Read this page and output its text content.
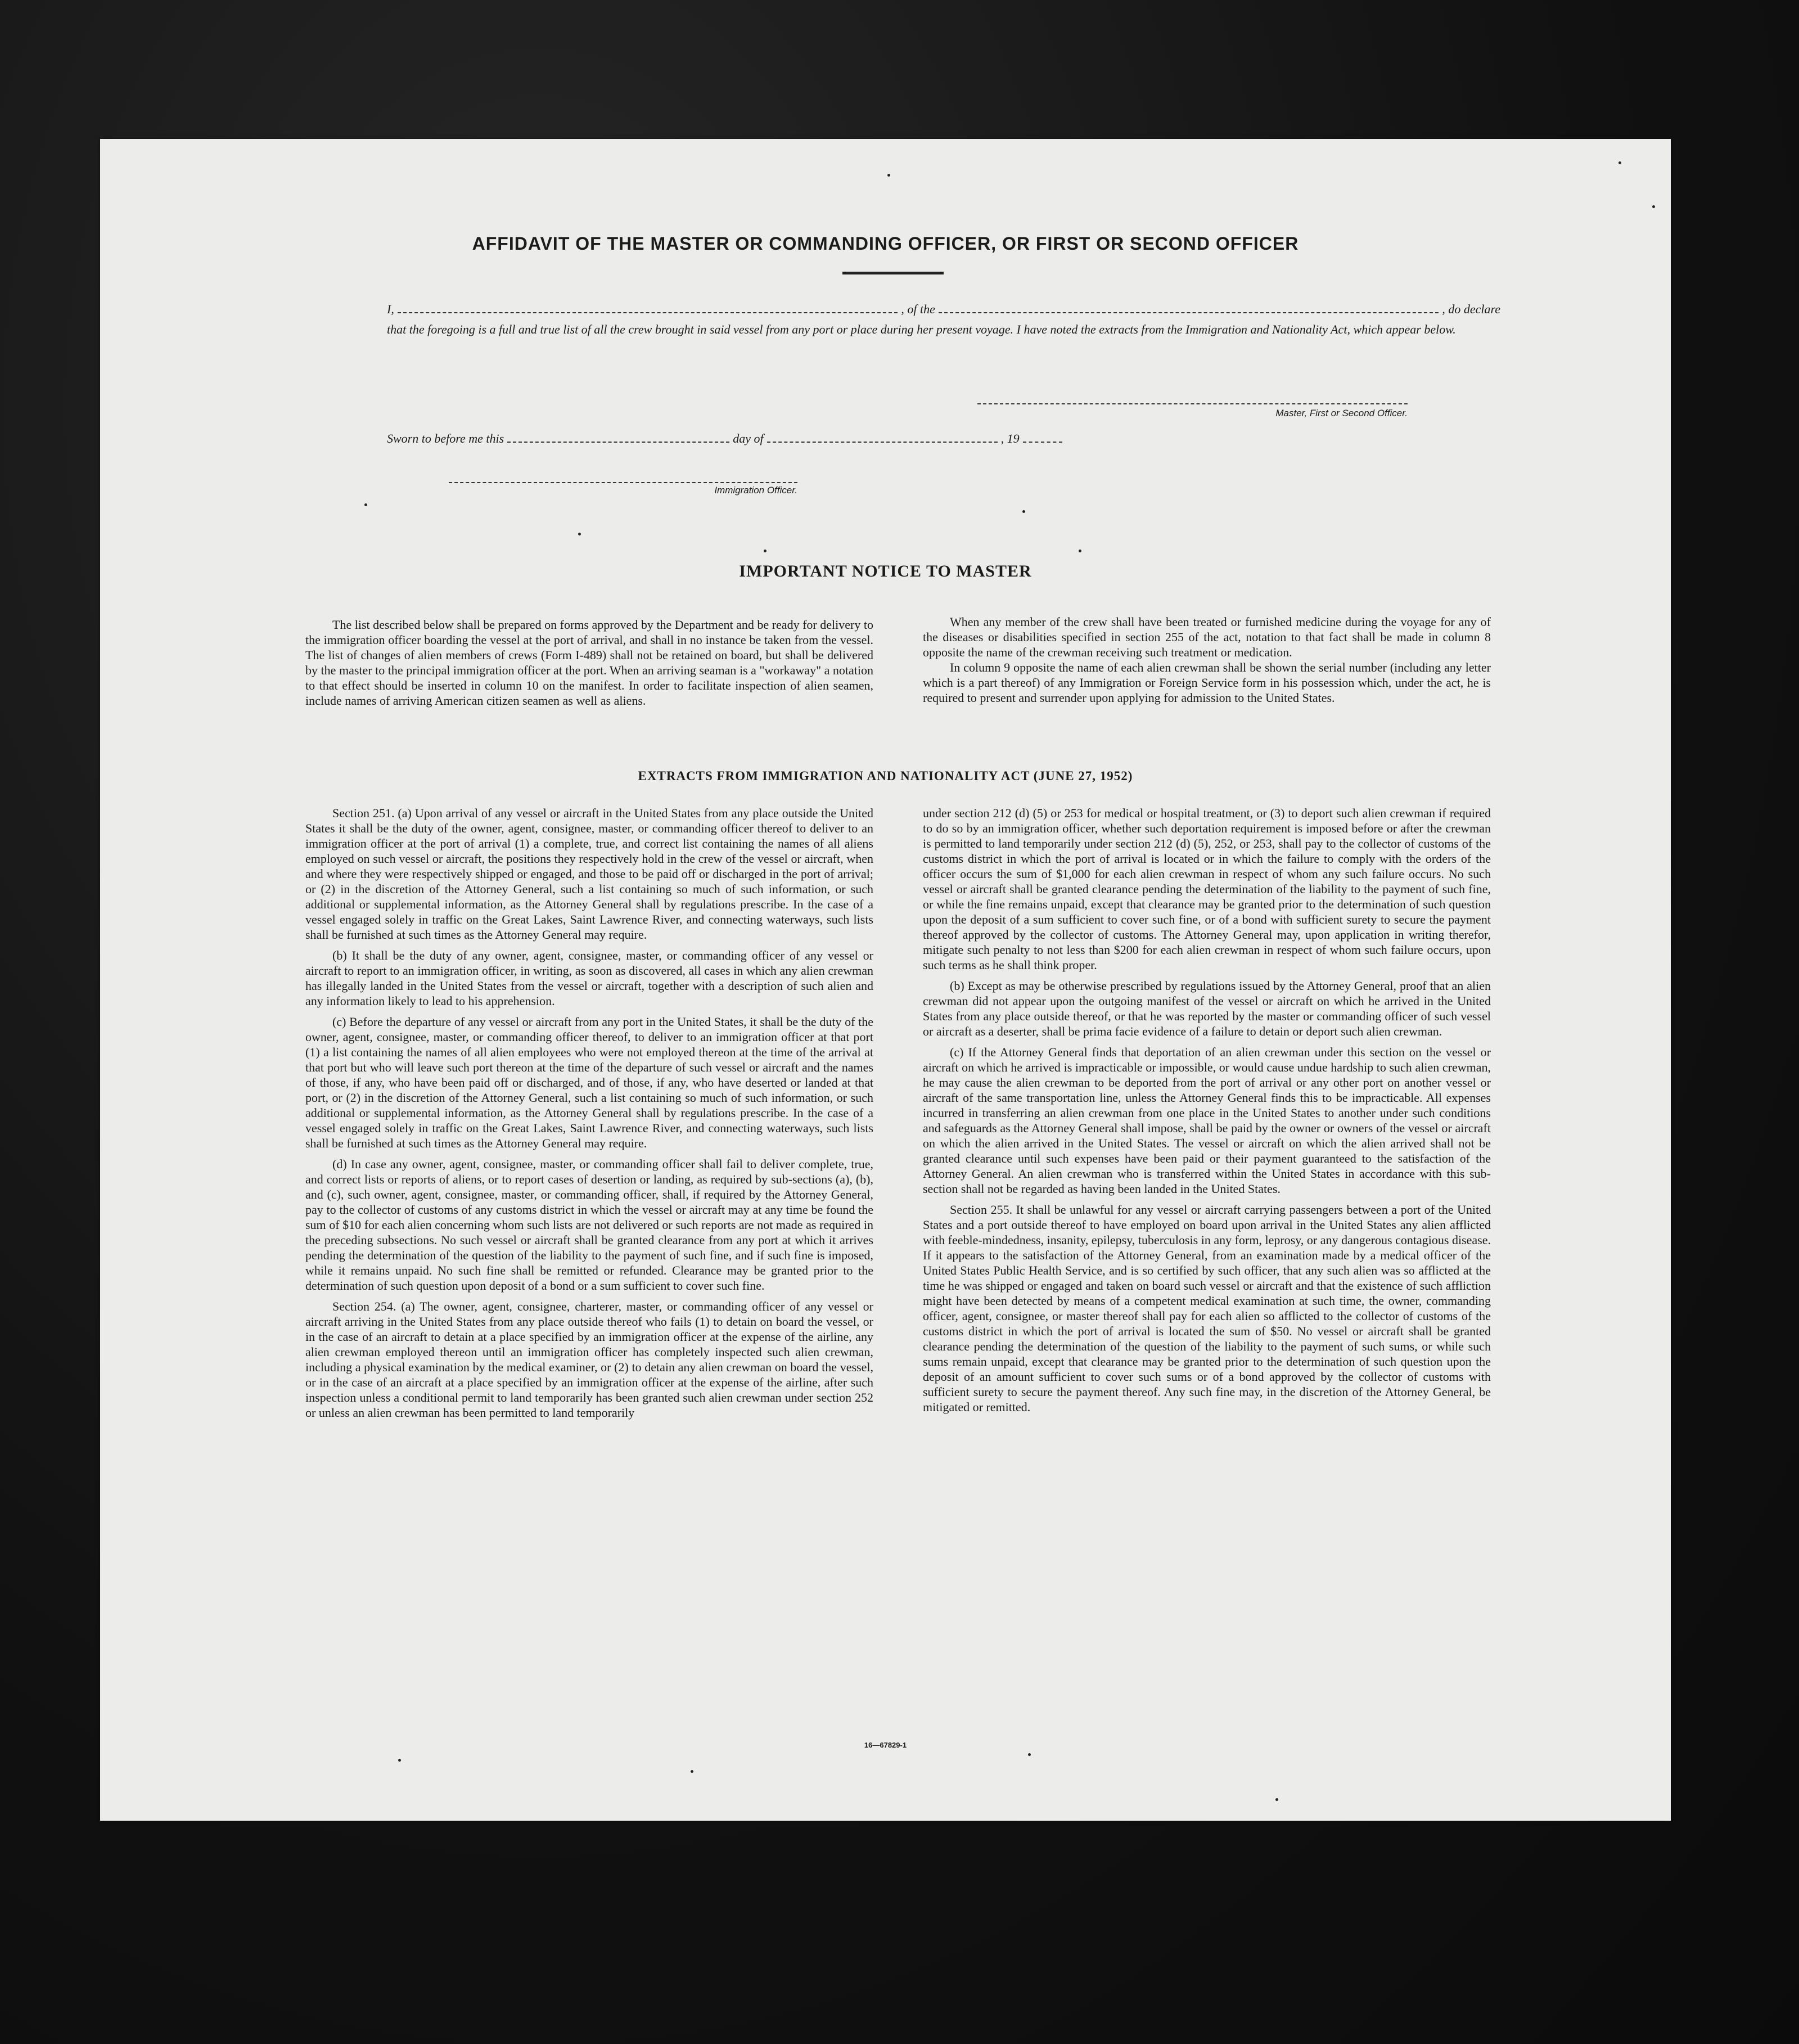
AFFIDAVIT OF THE MASTER OR COMMANDING OFFICER, OR FIRST OR SECOND OFFICER
I,	, of the	, do declare
that the foregoing is a full and true list of all the crew brought in said vessel from any port or place during her present voyage. I have noted the extracts from the Immigration and Nationality Act, which appear below.
Master, First or Second Officer.
Sworn to before me this	day of	, 19
Immigration Officer.
IMPORTANT NOTICE TO MASTER

The list described below shall be prepared on forms approved by the Department and be ready for delivery to the immigration officer boarding the vessel at the port of arrival, and shall in no instance be taken from the vessel. The list of changes of alien members of crews (Form I-489) shall not be retained on board, but shall be delivered by the master to the principal immigration officer at the port. When an arriving seaman is a "workaway" a notation to that effect should be inserted in column 10 on the manifest. In order to facilitate inspection of alien seamen, include names of arriving American citizen seamen as well as aliens.

When any member of the crew shall have been treated or furnished medicine during the voyage for any of the diseases or disabilities specified in section 255 of the act, notation to that fact shall be made in column 8 opposite the name of the crewman receiving such treatment or medication.

In column 9 opposite the name of each alien crewman shall be shown the serial number (including any letter which is a part thereof) of any Immigration or Foreign Service form in his possession which, under the act, he is required to present and surrender upon applying for admission to the United States.

EXTRACTS FROM IMMIGRATION AND NATIONALITY ACT (JUNE 27, 1952)

Section 251. (a) Upon arrival of any vessel or aircraft in the United States from any place outside the United States it shall be the duty of the owner, agent, consignee, master, or commanding officer thereof to deliver to an immigration officer at the port of arrival (1) a complete, true, and correct list containing the names of all aliens employed on such vessel or aircraft, the positions they respectively hold in the crew of the vessel or aircraft, when and where they were respectively shipped or engaged, and those to be paid off or discharged in the port of arrival; or (2) in the discretion of the Attorney General, such a list containing so much of such information, or such additional or supplemental information, as the Attorney General shall by regulations prescribe. In the case of a vessel engaged solely in traffic on the Great Lakes, Saint Lawrence River, and connecting waterways, such lists shall be furnished at such times as the Attorney General may require.

(b) It shall be the duty of any owner, agent, consignee, master, or commanding officer of any vessel or aircraft to report to an immigration officer, in writing, as soon as discovered, all cases in which any alien crewman has illegally landed in the United States from the vessel or aircraft, together with a description of such alien and any information likely to lead to his apprehension.

(c) Before the departure of any vessel or aircraft from any port in the United States, it shall be the duty of the owner, agent, consignee, master, or commanding officer thereof, to deliver to an immigration officer at that port (1) a list containing the names of all alien employees who were not employed thereon at the time of the arrival at that port but who will leave such port thereon at the time of the departure of such vessel or aircraft and the names of those, if any, who have been paid off or discharged, and of those, if any, who have deserted or landed at that port, or (2) in the discretion of the Attorney General, such a list containing so much of such information, or such additional or supplemental information, as the Attorney General shall by regulations prescribe. In the case of a vessel engaged solely in traffic on the Great Lakes, Saint Lawrence River, and connecting waterways, such lists shall be furnished at such times as the Attorney General may require.

(d) In case any owner, agent, consignee, master, or commanding officer shall fail to deliver complete, true, and correct lists or reports of aliens, or to report cases of desertion or landing, as required by sub-sections (a), (b), and (c), such owner, agent, consignee, master, or commanding officer, shall, if required by the Attorney General, pay to the collector of customs of any customs district in which the vessel or aircraft may at any time be found the sum of $10 for each alien concerning whom such lists are not delivered or such reports are not made as required in the preceding subsections. No such vessel or aircraft shall be granted clearance from any port at which it arrives pending the determination of the question of the liability to the payment of such fine, and if such fine is imposed, while it remains unpaid. No such fine shall be remitted or refunded. Clearance may be granted prior to the determination of such question upon deposit of a bond or a sum sufficient to cover such fine.

Section 254. (a) The owner, agent, consignee, charterer, master, or commanding officer of any vessel or aircraft arriving in the United States from any place outside thereof who fails (1) to detain on board the vessel, or in the case of an aircraft to detain at a place specified by an immigration officer at the expense of the airline, any alien crewman employed thereon until an immigration officer has completely inspected such alien crewman, including a physical examination by the medical examiner, or (2) to detain any alien crewman on board the vessel, or in the case of an aircraft at a place specified by an immigration officer at the expense of the airline, after such inspection unless a conditional permit to land temporarily has been granted such alien crewman under section 252 or unless an alien crewman has been permitted to land temporarily

under section 212 (d) (5) or 253 for medical or hospital treatment, or (3) to deport such alien crewman if required to do so by an immigration officer, whether such deportation requirement is imposed before or after the crewman is permitted to land temporarily under section 212 (d) (5), 252, or 253, shall pay to the collector of customs of the customs district in which the port of arrival is located or in which the failure to comply with the orders of the officer occurs the sum of $1,000 for each alien crewman in respect of whom any such failure occurs. No such vessel or aircraft shall be granted clearance pending the determination of the liability to the payment of such fine, or while the fine remains unpaid, except that clearance may be granted prior to the determination of such question upon the deposit of a sum sufficient to cover such fine, or of a bond with sufficient surety to secure the payment thereof approved by the collector of customs. The Attorney General may, upon application in writing therefor, mitigate such penalty to not less than $200 for each alien crewman in respect of whom such failure occurs, upon such terms as he shall think proper.

(b) Except as may be otherwise prescribed by regulations issued by the Attorney General, proof that an alien crewman did not appear upon the outgoing manifest of the vessel or aircraft on which he arrived in the United States from any place outside thereof, or that he was reported by the master or commanding officer of such vessel or aircraft as a deserter, shall be prima facie evidence of a failure to detain or deport such alien crewman.

(c) If the Attorney General finds that deportation of an alien crewman under this section on the vessel or aircraft on which he arrived is impracticable or impossible, or would cause undue hardship to such alien crewman, he may cause the alien crewman to be deported from the port of arrival or any other port on another vessel or aircraft of the same transportation line, unless the Attorney General finds this to be impracticable. All expenses incurred in transferring an alien crewman from one place in the United States to another under such conditions and safeguards as the Attorney General shall impose, shall be paid by the owner or owners of the vessel or aircraft on which the alien arrived in the United States. The vessel or aircraft on which the alien arrived shall not be granted clearance until such expenses have been paid or their payment guaranteed to the satisfaction of the Attorney General. An alien crewman who is transferred within the United States in accordance with this sub-section shall not be regarded as having been landed in the United States.

Section 255. It shall be unlawful for any vessel or aircraft carrying passengers between a port of the United States and a port outside thereof to have employed on board upon arrival in the United States any alien afflicted with feeble-mindedness, insanity, epilepsy, tuberculosis in any form, leprosy, or any dangerous contagious disease. If it appears to the satisfaction of the Attorney General, from an examination made by a medical officer of the United States Public Health Service, and is so certified by such officer, that any such alien was so afflicted at the time he was shipped or engaged and taken on board such vessel or aircraft and that the existence of such affliction might have been detected by means of a competent medical examination at such time, the owner, commanding officer, agent, consignee, or master thereof shall pay for each alien so afflicted to the collector of customs of the customs district in which the port of arrival is located the sum of $50. No vessel or aircraft shall be granted clearance pending the determination of the question of the liability to the payment of such sums, or while such sums remain unpaid, except that clearance may be granted prior to the determination of such question upon the deposit of an amount sufficient to cover such sums or of a bond approved by the collector of customs with sufficient surety to secure the payment thereof. Any such fine may, in the discretion of the Attorney General, be mitigated or remitted.

16—67829-1
